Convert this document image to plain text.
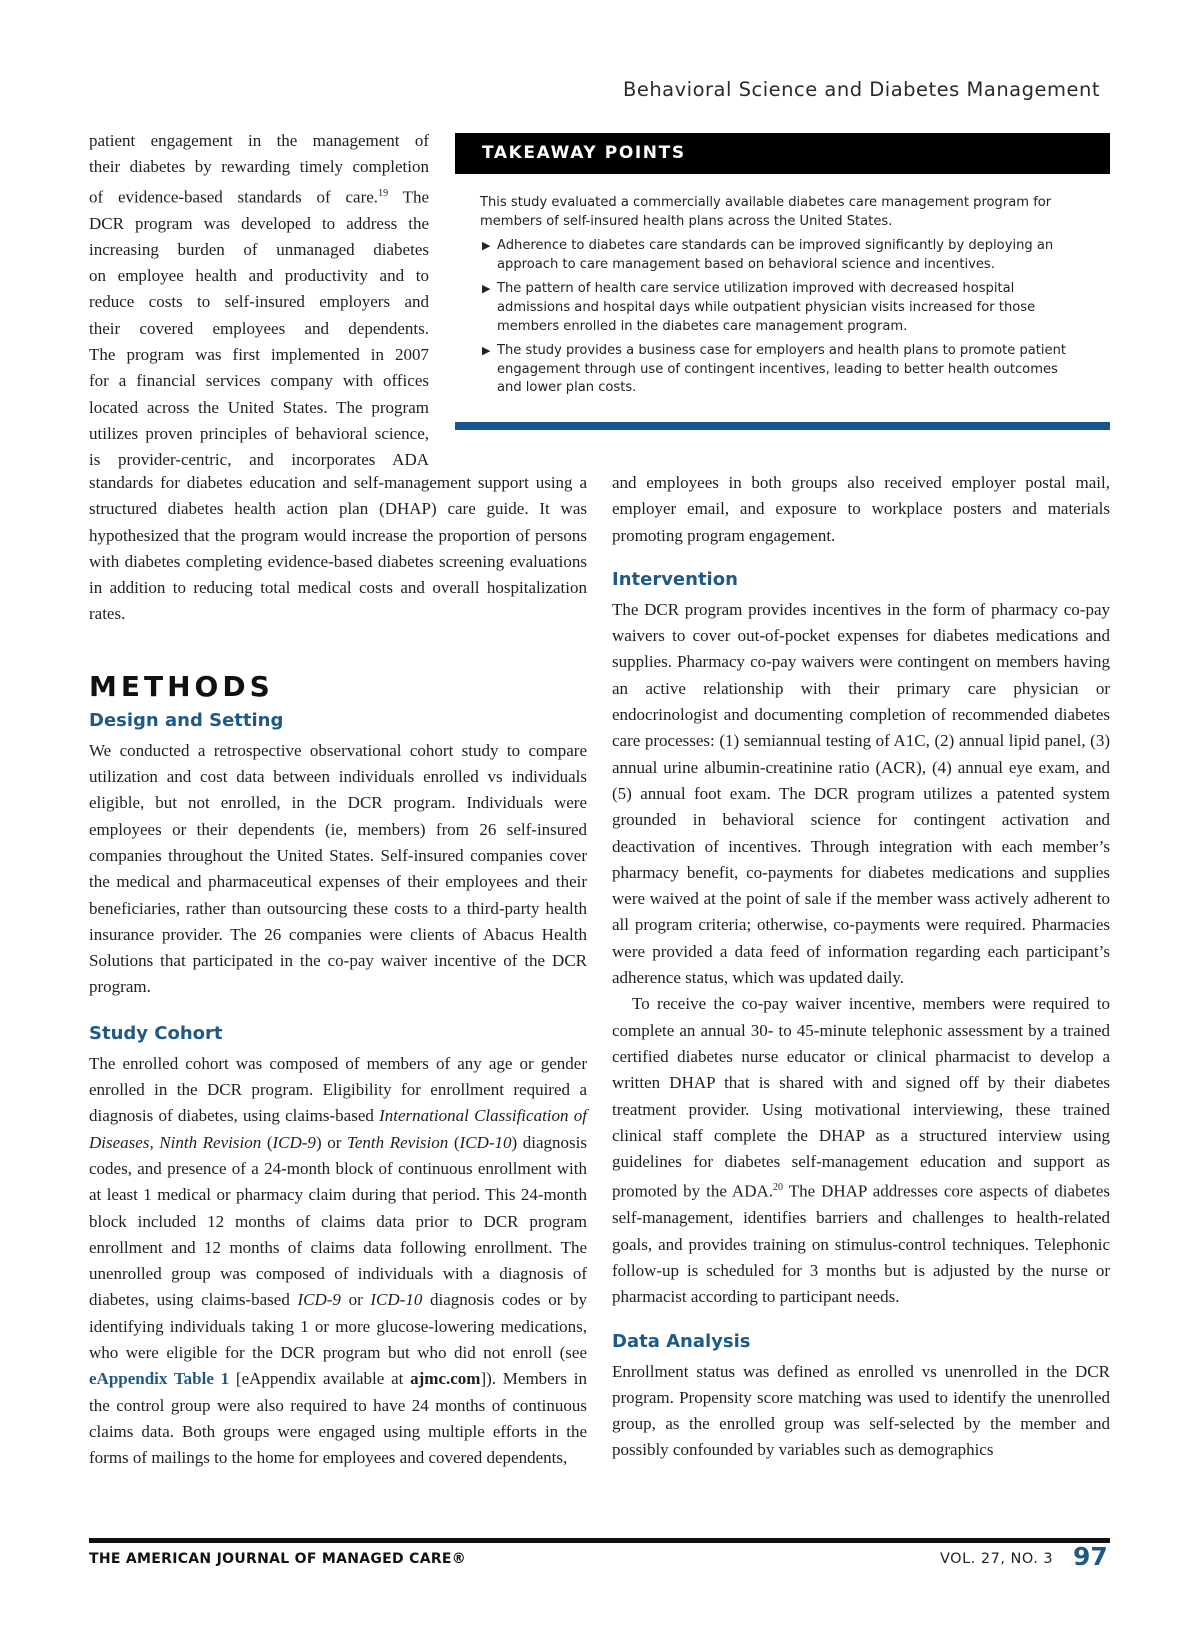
Behavioral Science and Diabetes Management
patient engagement in the management of
their diabetes by rewarding timely completion
of evidence-based standards of care.$^{19}$ The
DCR program was developed to address the
increasing burden of unmanaged diabetes
on employee health and productivity and to
reduce costs to self-insured employers and
their covered employees and dependents.
The program was first implemented in 2007
for a financial services company with offices
located across the United States. The program
utilizes proven principles of behavioral science,
is provider-centric, and incorporates ADA
TAKEAWAY POINTS

This study evaluated a commercially available diabetes care management program for members of self-insured health plans across the United States.

▶ Adherence to diabetes care standards can be improved significantly by deploying an approach to care management based on behavioral science and incentives.
▶ The pattern of health care service utilization improved with decreased hospital admissions and hospital days while outpatient physician visits increased for those members enrolled in the diabetes care management program.
▶ The study provides a business case for employers and health plans to promote patient engagement through use of contingent incentives, leading to better health outcomes and lower plan costs.

standards for diabetes education and self-management support using a structured diabetes health action plan (DHAP) care guide. It was hypothesized that the program would increase the proportion of persons with diabetes completing evidence-based diabetes screening evaluations in addition to reducing total medical costs and overall hospitalization rates.

METHODS
Design and Setting

We conducted a retrospective observational cohort study to compare utilization and cost data between individuals enrolled vs individuals eligible, but not enrolled, in the DCR program. Individuals were employees or their dependents (ie, members) from 26 self-insured companies throughout the United States. Self-insured companies cover the medical and pharmaceutical expenses of their employees and their beneficiaries, rather than outsourcing these costs to a third-party health insurance provider. The 26 companies were clients of Abacus Health Solutions that participated in the co-pay waiver incentive of the DCR program.

Study Cohort

The enrolled cohort was composed of members of any age or gender enrolled in the DCR program. Eligibility for enrollment required a diagnosis of diabetes, using claims-based International Classification of Diseases, Ninth Revision (ICD-9) or Tenth Revision (ICD-10) diagnosis codes, and presence of a 24-month block of continuous enrollment with at least 1 medical or pharmacy claim during that period. This 24-month block included 12 months of claims data prior to DCR program enrollment and 12 months of claims data following enrollment. The unenrolled group was composed of individuals with a diagnosis of diabetes, using claims-based ICD-9 or ICD-10 diagnosis codes or by identifying individuals taking 1 or more glucose-lowering medications, who were eligible for the DCR program but who did not enroll (see eAppendix Table 1 [eAppendix available at ajmc.com]). Members in the control group were also required to have 24 months of continuous claims data. Both groups were engaged using multiple efforts in the forms of mailings to the home for employees and covered dependents,

and employees in both groups also received employer postal mail, employer email, and exposure to workplace posters and materials promoting program engagement.

Intervention

The DCR program provides incentives in the form of pharmacy co-pay waivers to cover out-of-pocket expenses for diabetes medications and supplies. Pharmacy co-pay waivers were contingent on members having an active relationship with their primary care physician or endocrinologist and documenting completion of recommended diabetes care processes: (1) semiannual testing of A1C, (2) annual lipid panel, (3) annual urine albumin-creatinine ratio (ACR), (4) annual eye exam, and (5) annual foot exam. The DCR program utilizes a patented system grounded in behavioral science for contingent activation and deactivation of incentives. Through integration with each member’s pharmacy benefit, co-payments for diabetes medications and supplies were waived at the point of sale if the member wass actively adherent to all program criteria; otherwise, co-payments were required. Pharmacies were provided a data feed of information regarding each participant’s adherence status, which was updated daily.

To receive the co-pay waiver incentive, members were required to complete an annual 30- to 45-minute telephonic assessment by a trained certified diabetes nurse educator or clinical pharmacist to develop a written DHAP that is shared with and signed off by their diabetes treatment provider. Using motivational interviewing, these trained clinical staff complete the DHAP as a structured interview using guidelines for diabetes self-management education and support as promoted by the ADA.$^{20}$ The DHAP addresses core aspects of diabetes self-management, identifies barriers and challenges to health-related goals, and provides training on stimulus-control techniques. Telephonic follow-up is scheduled for 3 months but is adjusted by the nurse or pharmacist according to participant needs.

Data Analysis

Enrollment status was defined as enrolled vs unenrolled in the DCR program. Propensity score matching was used to identify the unenrolled group, as the enrolled group was self-selected by the member and possibly confounded by variables such as demographics

THE AMERICAN JOURNAL OF MANAGED CARE®	VOL. 27, NO. 3 97
